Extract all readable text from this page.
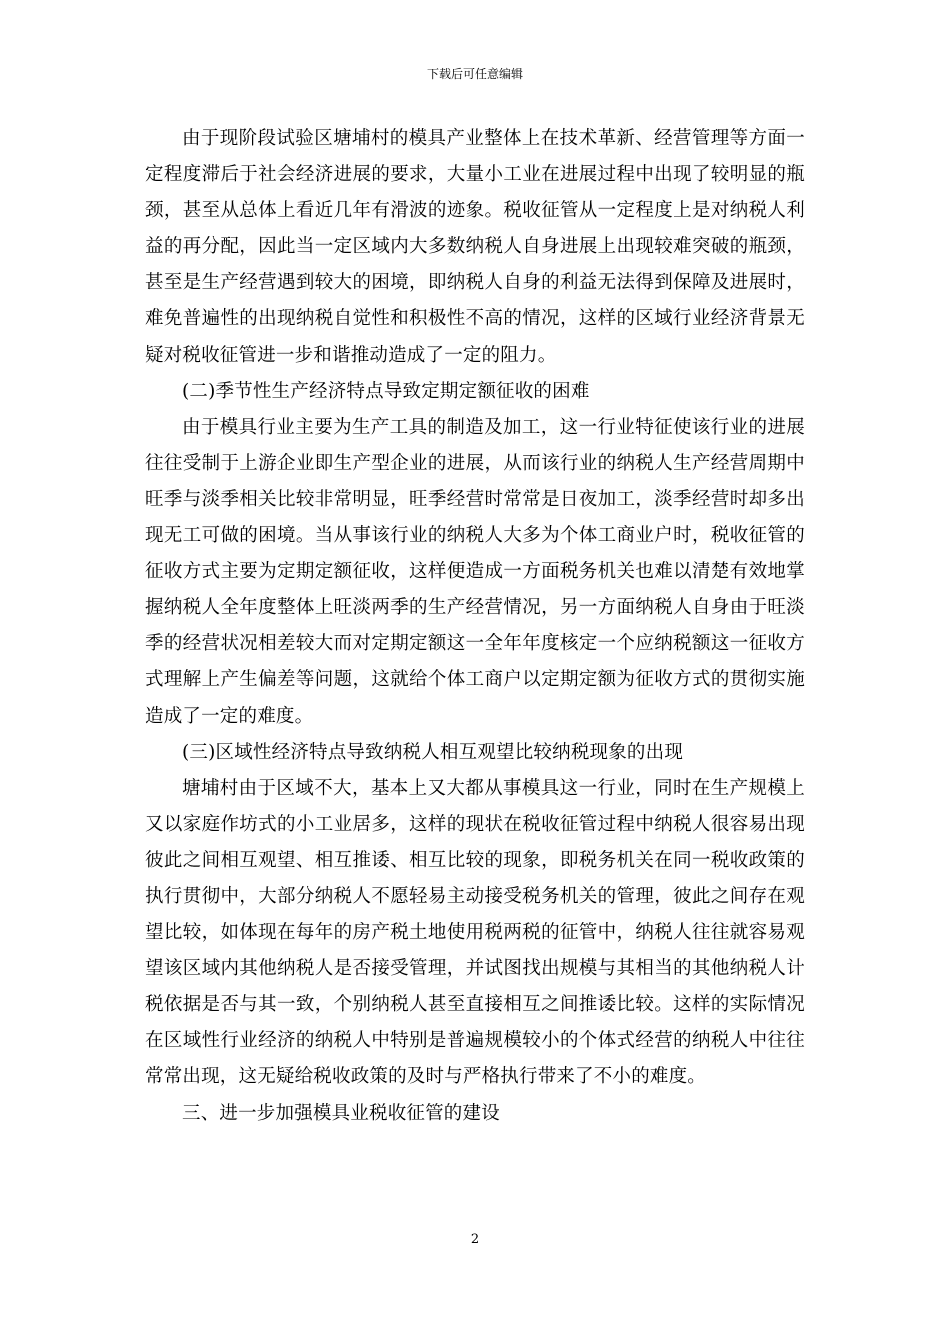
下载后可任意编辑

由于现阶段试验区塘埔村的模具产业整体上在技术革新、经营管理等方面一定程度滞后于社会经济进展的要求，大量小工业在进展过程中出现了较明显的瓶颈，甚至从总体上看近几年有滑波的迹象。税收征管从一定程度上是对纳税人利益的再分配，因此当一定区域内大多数纳税人自身进展上出现较难突破的瓶颈，甚至是生产经营遇到较大的困境，即纳税人自身的利益无法得到保障及进展时，难免普遍性的出现纳税自觉性和积极性不高的情况，这样的区域行业经济背景无疑对税收征管进一步和谐推动造成了一定的阻力。

(二)季节性生产经济特点导致定期定额征收的困难

由于模具行业主要为生产工具的制造及加工，这一行业特征使该行业的进展往往受制于上游企业即生产型企业的进展，从而该行业的纳税人生产经营周期中旺季与淡季相关比较非常明显，旺季经营时常常是日夜加工，淡季经营时却多出现无工可做的困境。当从事该行业的纳税人大多为个体工商业户时，税收征管的征收方式主要为定期定额征收，这样便造成一方面税务机关也难以清楚有效地掌握纳税人全年度整体上旺淡两季的生产经营情况，另一方面纳税人自身由于旺淡季的经营状况相差较大而对定期定额这一全年年度核定一个应纳税额这一征收方式理解上产生偏差等问题，这就给个体工商户以定期定额为征收方式的贯彻实施造成了一定的难度。

(三)区域性经济特点导致纳税人相互观望比较纳税现象的出现

塘埔村由于区域不大，基本上又大都从事模具这一行业，同时在生产规模上又以家庭作坊式的小工业居多，这样的现状在税收征管过程中纳税人很容易出现彼此之间相互观望、相互推诿、相互比较的现象，即税务机关在同一税收政策的执行贯彻中，大部分纳税人不愿轻易主动接受税务机关的管理，彼此之间存在观望比较，如体现在每年的房产税土地使用税两税的征管中，纳税人往往就容易观望该区域内其他纳税人是否接受管理，并试图找出规模与其相当的其他纳税人计税依据是否与其一致，个别纳税人甚至直接相互之间推诿比较。这样的实际情况在区域性行业经济的纳税人中特别是普遍规模较小的个体式经营的纳税人中往往常常出现，这无疑给税收政策的及时与严格执行带来了不小的难度。

三、进一步加强模具业税收征管的建设

2
